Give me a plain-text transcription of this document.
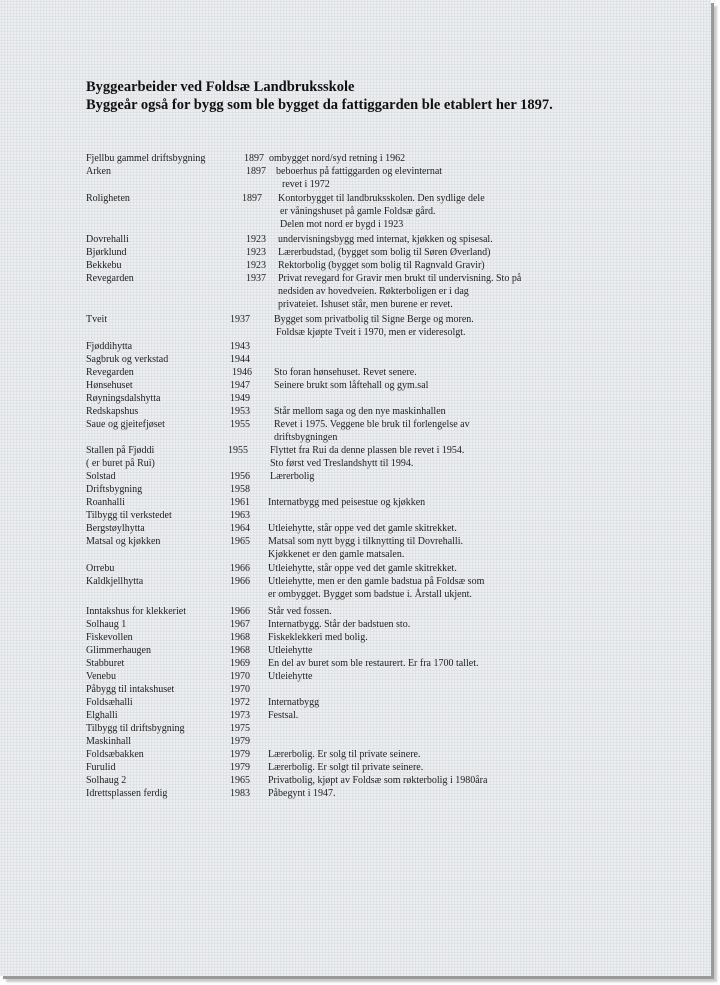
Byggearbeider ved Foldsæ Landbruksskole
Byggeår også for bygg som ble bygget da fattiggarden ble etablert her 1897.
Fjellbu gammel driftsbygning	1897 ombygget nord/syd retning i 1962
Arken	1897 beboerhus på fattiggarden og elevinternat
revet i 1972
Roligheten	1897 Kontorbygget til landbruksskolen. Den sydlige dele
er våningshuset på gamle Foldsæ gård.
Delen mot nord er bygd i 1923
Dovrehalli	1923 undervisningsbygg med internat, kjøkken og spisesal.
Bjørklund	1923 Lærerbudstad, (bygget som bolig til Søren Øverland)
Bekkebu	1923 Rektorbolig (bygget som bolig til Ragnvald Gravir)
Revegarden	1937 Privat revegard for Gravir men brukt til undervisning. Sto på
nedsiden av hovedveien. Røkterboligen er i dag
privateiet. Ishuset står, men burene er revet.
Tveit	1937 Bygget som privatbolig til Signe Berge og moren.
Foldsæ kjøpte Tveit i 1970, men er videresolgt.
Fjøddihytta	1943
Sagbruk og verkstad	1944
Revegarden	1946 Sto foran hønsehuset. Revet senere.
Hønsehuset	1947 Seinere brukt som låftehall og gym.sal
Røyningsdalshytta	1949
Redskapshus	1953 Står mellom saga og den nye maskinhallen
Saue og gjeitefjøset	1955 Revet i 1975. Veggene ble bruk til forlengelse av
driftsbygningen
Stallen på Fjøddi	1955 Flyttet fra Rui da denne plassen ble revet i 1954.
( er buret på Rui)	Sto først ved Treslandshytt til 1994.
Solstad	1956 Lærerbolig
Driftsbygning	1958
Roanhalli	1961 Internatbygg med peisestue og kjøkken
Tilbygg til verkstedet	1963
Bergstøylhytta	1964 Utleiehytte, står oppe ved det gamle skitrekket.
Matsal og kjøkken	1965 Matsal som nytt bygg i tilknytting til Dovrehalli.
Kjøkkenet er den gamle matsalen.
Orrebu	1966 Utleiehytte, står oppe ved det gamle skitrekket.
Kaldkjellhytta	1966 Utleiehytte, men er den gamle badstua på Foldsæ som
er ombygget. Bygget som badstue i. Årstall ukjent.
Inntakshus for klekkeriet	1966 Står ved fossen.
Solhaug 1	1967 Internatbygg. Står der badstuen sto.
Fiskevollen	1968 Fiskeklekkeri med bolig.
Glimmerhaugen	1968 Utleiehytte
Stabburet	1969 En del av buret som ble restaurert. Er fra 1700 tallet.
Venebu	1970 Utleiehytte
Påbygg til intakshuset	1970
Foldsæhalli	1972 Internatbygg
Elghalli	1973 Festsal.
Tilbygg til driftsbygning	1975
Maskinhall	1979
Foldsæbakken	1979 Lærerbolig. Er solg til private seinere.
Furulid	1979 Lærerbolig. Er solgt til private seinere.
Solhaug 2	1965 Privatbolig, kjøpt av Foldsæ som røkterbolig i 1980åra
Idrettsplassen ferdig	1983 Påbegynt i 1947.
